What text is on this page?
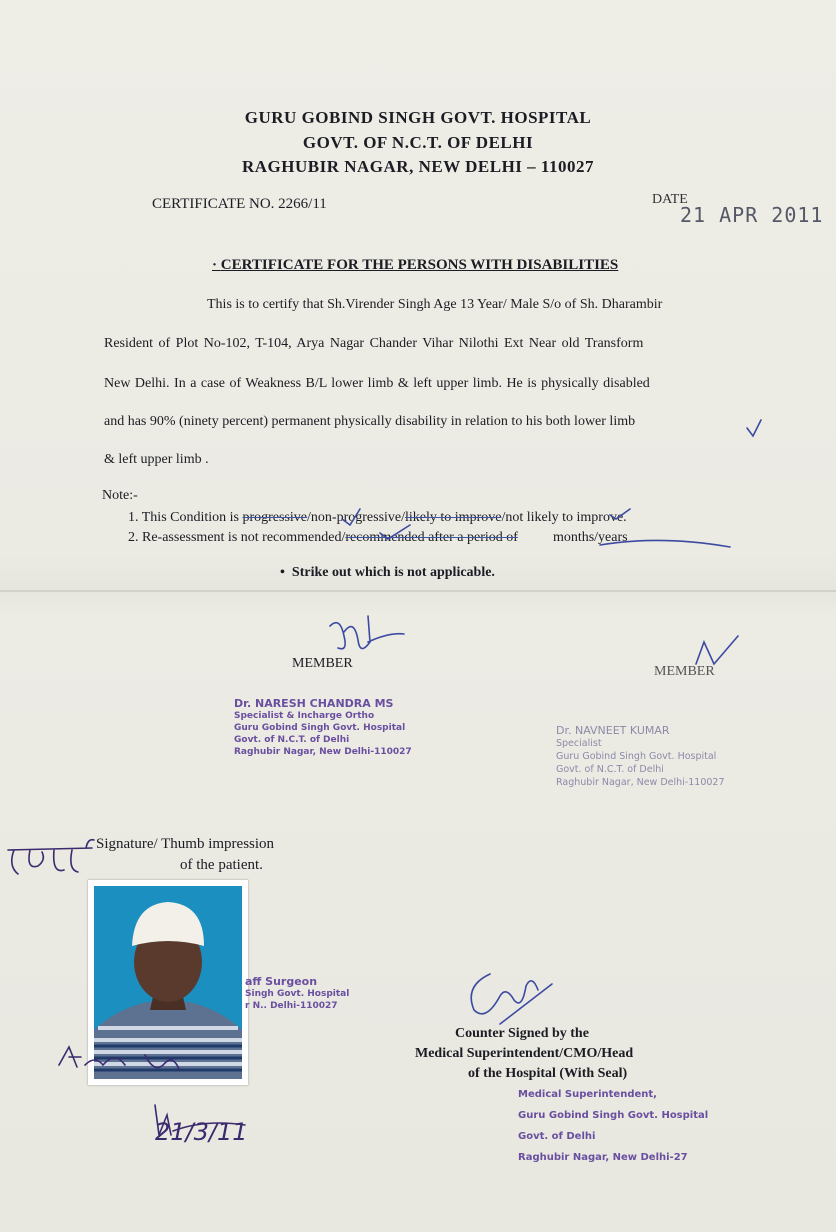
GURU GOBIND SINGH GOVT. HOSPITAL
GOVT. OF N.C.T. OF DELHI
RAGHUBIR NAGAR, NEW DELHI – 110027
CERTIFICATE NO. 2266/11	DATE
21 APR 2011
· CERTIFICATE FOR THE PERSONS WITH DISABILITIES
This is to certify that Sh.Virender Singh Age 13 Year/ Male S/o of Sh. Dharambir
Resident of Plot No-102, T-104, Arya Nagar Chander Vihar Nilothi Ext Near old Transform
New Delhi. In a case of Weakness B/L lower limb & left upper limb. He is physically disabled
and has 90% (ninety percent) permanent physically disability in relation to his both lower limb
& left upper limb .
Note:-
1. This Condition is progressive/non-progressive/likely to improve/not likely to improve.
2. Re-assessment is not recommended/recommended after a period of          months/years
•  Strike out which is not applicable.
MEMBER
Dr. NARESH CHANDRA MS
Specialist & Incharge Ortho
Guru Gobind Singh Govt. Hospital
Govt. of N.C.T. of Delhi
Raghubir Nagar, New Delhi-110027
MEMBER
Dr. NAVNEET KUMAR
Specialist
Guru Gobind Singh Govt. Hospital
Govt. of N.C.T. of Delhi
Raghubir Nagar, New Delhi-110027
Signature/ Thumb impression
of the patient.
21/3/11
aff Surgeon
Singh Govt. Hospital
r N.. Delhi-110027
Counter Signed by the
Medical Superintendent/CMO/Head
of the Hospital (With Seal)
Medical Superintendent,
Guru Gobind Singh Govt. Hospital
Govt. of Delhi
Raghubir Nagar, New Delhi-27
